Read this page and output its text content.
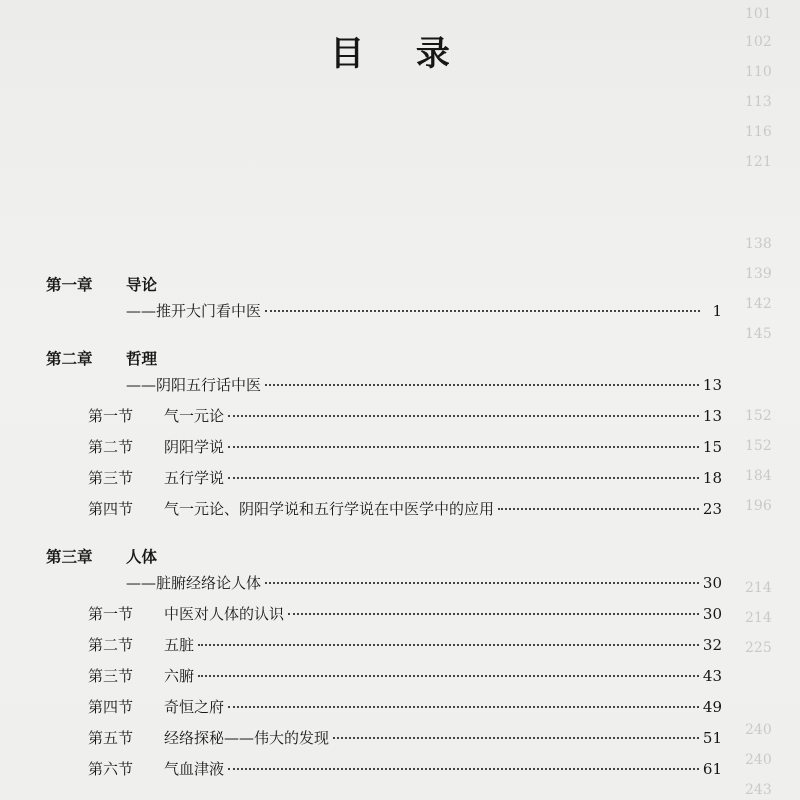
101
102
110
113
116
121
138
139
142
145
152
152
184
196
214
214
225
240
240
243
目 录
第一章 导论
——推开大门看中医	1
第二章 哲理
——阴阳五行话中医	13
第一节	气一元论	13
第二节	阴阳学说	15
第三节	五行学说	18
第四节	气一元论、阴阳学说和五行学说在中医学中的应用	23
第三章 人体
——脏腑经络论人体	30
第一节	中医对人体的认识	30
第二节	五脏	32
第三节	六腑	43
第四节	奇恒之府	49
第五节	经络探秘——伟大的发现	51
第六节	气血津液	61
